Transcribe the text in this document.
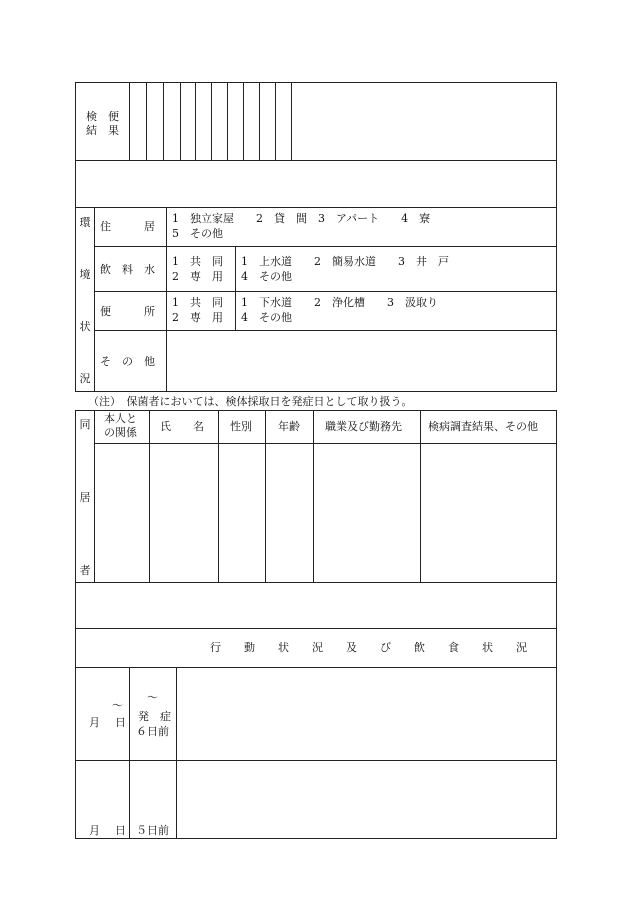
検　便
結　果
環
境
状
況
住　　　居
1　独立家屋　　2　貸　間　3　アパート　　4　寮
5　その他
飲　料　水
1　共　同
2　専　用
1　上水道　　2　簡易水道　　3　井　戸
4　その他
便　　　所
1　共　同
2　専　用
1　下水道　　2　浄化槽　　3　汲取り
4　その他
そ　の　他
（注）　保菌者においては、検体採取日を発症日として取り扱う。
同
居
者
本人と
の関係 氏　　名 性別 年齢 職業及び勤務先 検病調査結果、その他
行　動　状　況　及　び　飲　食　状　況
〜
月 日
〜
発　症
６日前
月 日 ５日前
